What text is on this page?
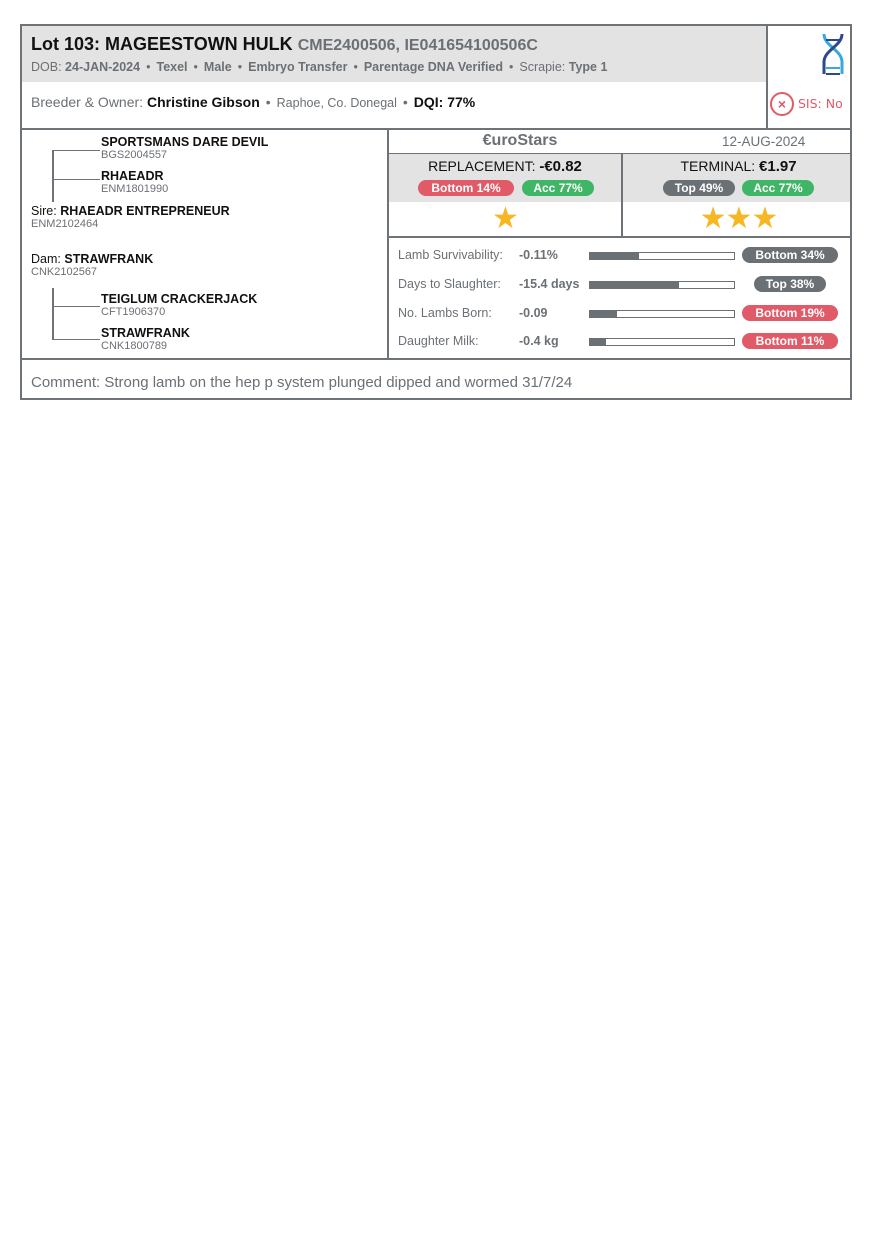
Lot 103: MAGEESTOWN HULK CME2400506, IE041654100506C
DOB: 24-JAN-2024 • Texel • Male • Embryo Transfer • Parentage DNA Verified • Scrapie: Type 1
Breeder & Owner: Christine Gibson • Raphoe, Co. Donegal • DQI: 77%	× SIS: No
SPORTSMANS DARE DEVIL
BGS2004557
RHAEADR
ENM1801990
Sire: RHAEADR ENTREPRENEUR
ENM2102464
Dam: STRAWFRANK
CNK2102567
TEIGLUM CRACKERJACK
CFT1906370
STRAWFRANK
CNK1800789
€uroStars	12-AUG-2024
REPLACEMENT: -€0.82
Bottom 14%	Acc 77%
TERMINAL: €1.97
Top 49%	Acc 77%
★	★★★
Lamb Survivability: -0.11%	Bottom 34%
Days to Slaughter: -15.4 days	Top 38%
No. Lambs Born: -0.09	Bottom 19%
Daughter Milk:	-0.4 kg	Bottom 11%
Comment: Strong lamb on the hep p system plunged dipped and wormed 31/7/24
